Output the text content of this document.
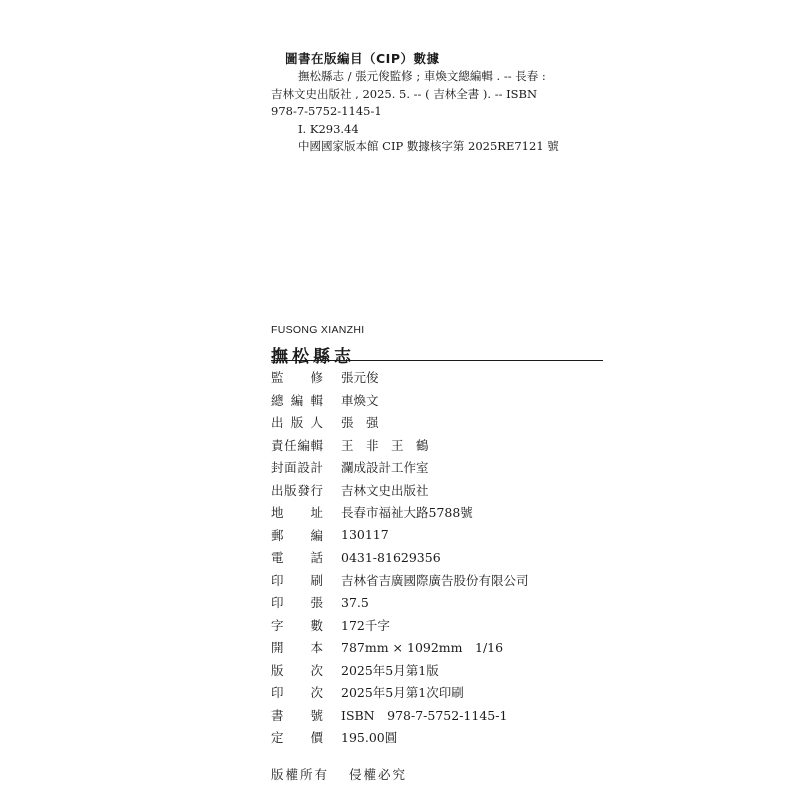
圖書在版編目（CIP）數據
撫松縣志 / 張元俊監修 ; 車煥文總編輯 . -- 長春 :
吉林文史出版社 , 2025. 5. -- ( 吉林全書 ). -- ISBN
978-7-5752-1145-1
Ⅰ. K293.44
中國國家版本館 CIP 數據核字第 2025RE7121 號
FUSONG XIANZHI
撫松縣志
監 修 張元俊
總 編 輯 車煥文
出 版 人 張　强
責 任 編 輯 王　非　王　鶴
封 面 設 計 瀾成設計工作室
出 版 發 行 吉林文史出版社
地 址 長春市福祉大路5788號
郵 編 130117
電 話 0431-81629356
印 刷 吉林省吉廣國際廣告股份有限公司
印 張 37.5
字 數 172千字
開 本 787mm × 1092mm　1/16
版 次 2025年5月第1版
印 次 2025年5月第1次印刷
書 號 ISBN　978-7-5752-1145-1
定 價 195.00圓
版權所有 侵權必究
